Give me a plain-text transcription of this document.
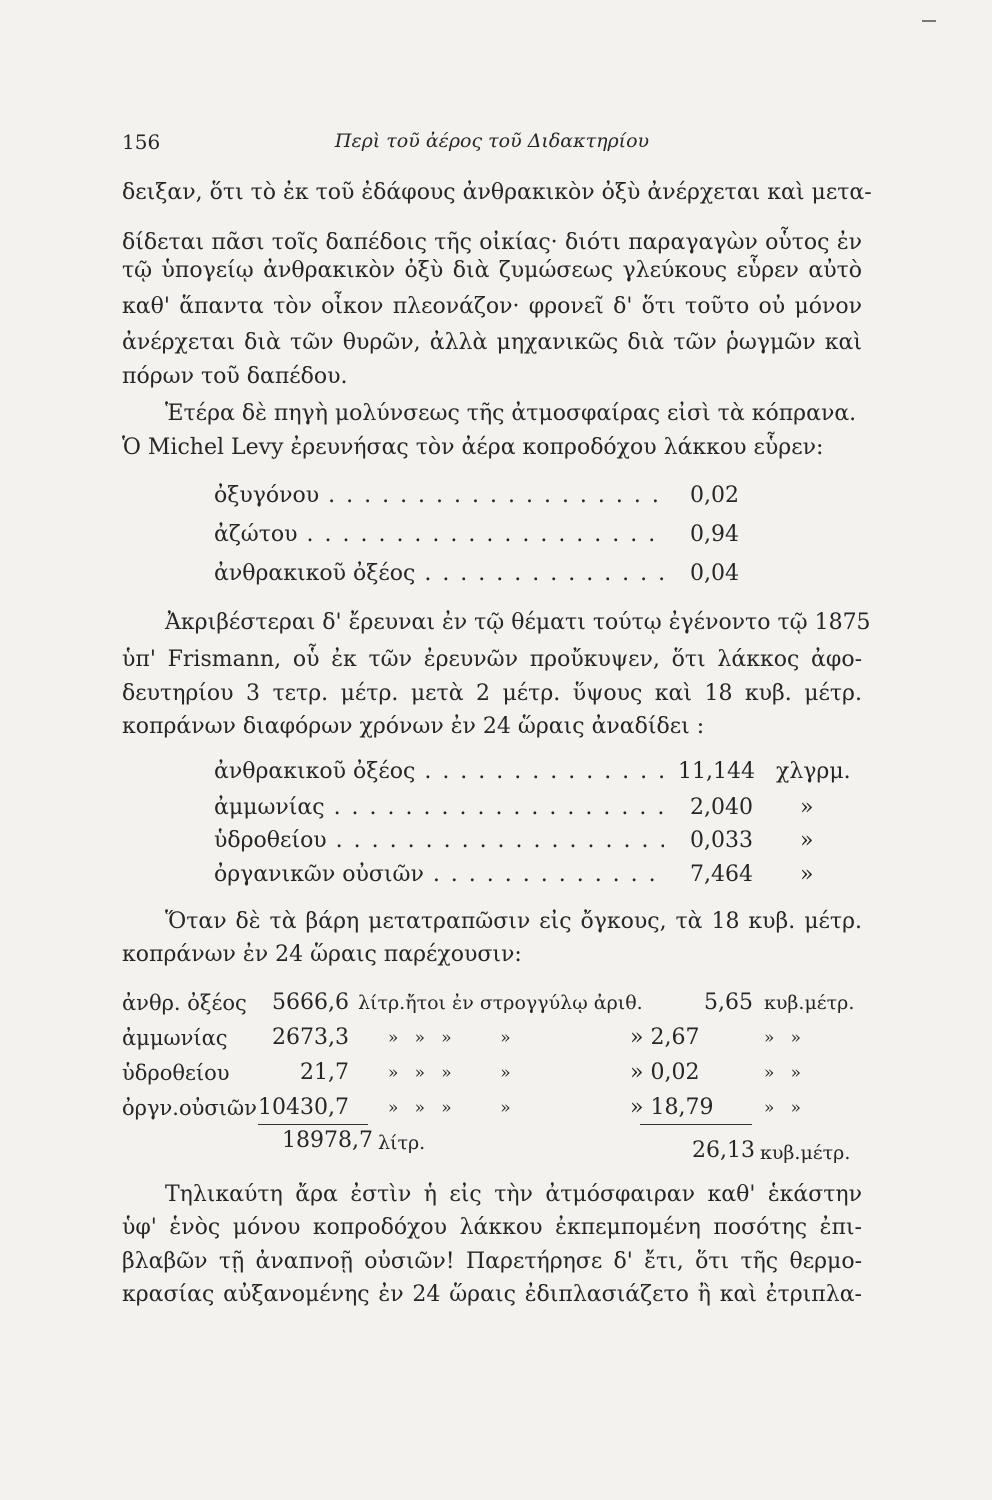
156	Περὶ τοῦ ἀέρος τοῦ Διδακτηρίου
δειξαν, ὅτι τὸ ἐκ τοῦ ἐδάφους ἀνθρακικὸν ὀξὺ ἀνέρχεται καὶ μετα-
δίδεται πᾶσι τοῖς δαπέδοις τῆς οἰκίας· διότι παραγαγὼν οὗτος ἐν
τῷ ὑπογείῳ ἀνθρακικὸν ὀξὺ διὰ ζυμώσεως γλεύκους εὗρεν αὐτὸ
καθ' ἅπαντα τὸν οἶκον πλεονάζον· φρονεῖ δ' ὅτι τοῦτο οὐ μόνον
ἀνέρχεται διὰ τῶν θυρῶν, ἀλλὰ μηχανικῶς διὰ τῶν ῥωγμῶν καὶ
πόρων τοῦ δαπέδου.
Ἑτέρα δὲ πηγὴ μολύνσεως τῆς ἀτμοσφαίρας εἰσὶ τὰ κόπρανα.
Ὁ Michel Levy ἐρευνήσας τὸν ἀέρα κοπροδόχου λάκκου εὗρεν:
ὀξυγόνου . . .	0,02
ἀζώτου . . .	0,94
ἀνθρακικοῦ ὀξέος . . .	0,04
Ἀκριβέστεραι δ' ἔρευναι ἐν τῷ θέματι τούτῳ ἐγένοντο τῷ 1875
ὑπ' Frismann, οὗ ἐκ τῶν ἐρευνῶν προὔκυψεν, ὅτι λάκκος ἀφο-
δευτηρίου 3 τετρ. μέτρ. μετὰ 2 μέτρ. ὕψους καὶ 18 κυβ. μέτρ.
κοπράνων διαφόρων χρόνων ἐν 24 ὥραις ἀναδίδει :
ἀνθρακικοῦ ὀξέος . . .	11,144 χλγρμ.
ἀμμωνίας . . .	2,040 »
ὑδροθείου . . .	0,033 »
ὀργανικῶν οὐσιῶν . . .	7,464 »
Ὅταν δὲ τὰ βάρη μετατραπῶσιν εἰς ὄγκους, τὰ 18 κυβ. μέτρ.
κοπράνων ἐν 24 ὥραις παρέχουσιν:
ἀνθρ. ὀξέος 5666,6 λίτρ.ἤτοι ἐν στρογγύλῳ ἀριθ.	5,65 κυβ.μέτρ.
ἀμμωνίας 2673,3 »   »   »         »	» 2,67	»   »
ὑδροθείου	21,7 »   »   »         »	» 0,02	»   »
ὀργν.οὐσιῶν 10430,7 »   »   »         »	» 18,79	»   »
18978,7 λίτρ.	26,13 κυβ.μέτρ.
Τηλικαύτη ἄρα ἐστὶν ἡ εἰς τὴν ἀτμόσφαιραν καθ' ἑκάστην
ὑφ' ἑνὸς μόνου κοπροδόχου λάκκου ἐκπεμπομένη ποσότης ἐπι-
βλαβῶν τῇ ἀναπνοῇ οὐσιῶν! Παρετήρησε δ' ἔτι, ὅτι τῆς θερμο-
κρασίας αὐξανομένης ἐν 24 ὥραις ἐδιπλασιάζετο ἢ καὶ ἐτριπλα-
